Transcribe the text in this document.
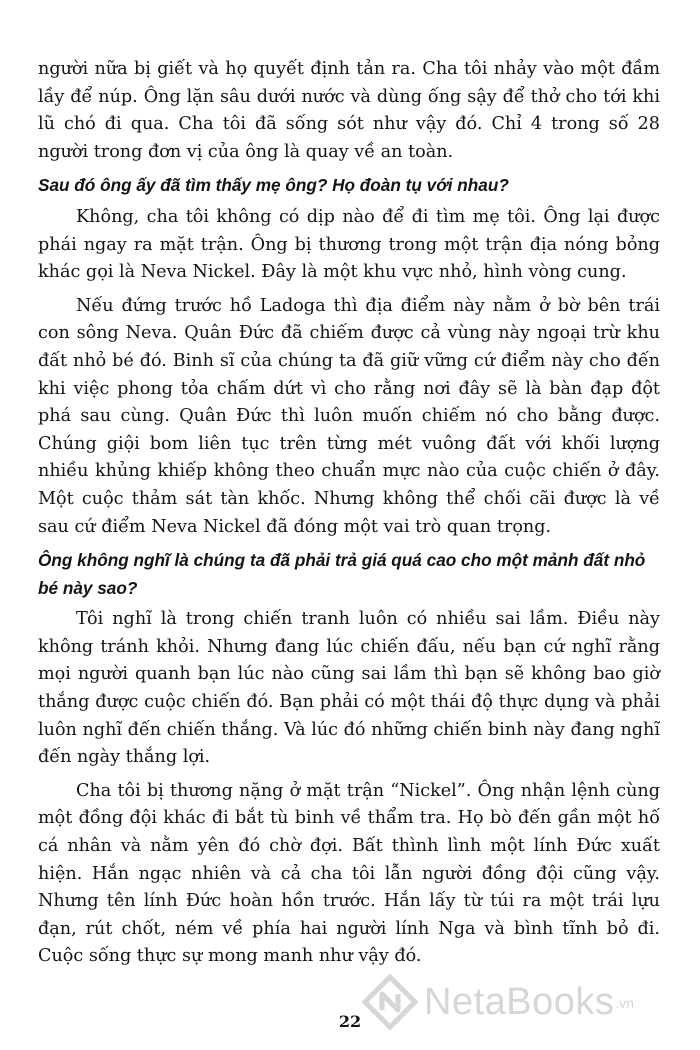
người nữa bị giết và họ quyết định tản ra. Cha tôi nhảy vào một đầm lầy để núp. Ông lặn sâu dưới nước và dùng ống sậy để thở cho tới khi lũ chó đi qua. Cha tôi đã sống sót như vậy đó. Chỉ 4 trong số 28 người trong đơn vị của ông là quay về an toàn.

Sau đó ông ấy đã tìm thấy mẹ ông? Họ đoàn tụ với nhau?

Không, cha tôi không có dịp nào để đi tìm mẹ tôi. Ông lại được phái ngay ra mặt trận. Ông bị thương trong một trận địa nóng bỏng khác gọi là Neva Nickel. Đây là một khu vực nhỏ, hình vòng cung.

Nếu đứng trước hồ Ladoga thì địa điểm này nằm ở bờ bên trái con sông Neva. Quân Đức đã chiếm được cả vùng này ngoại trừ khu đất nhỏ bé đó. Binh sĩ của chúng ta đã giữ vững cứ điểm này cho đến khi việc phong tỏa chấm dứt vì cho rằng nơi đây sẽ là bàn đạp đột phá sau cùng. Quân Đức thì luôn muốn chiếm nó cho bằng được. Chúng giội bom liên tục trên từng mét vuông đất với khối lượng nhiều khủng khiếp không theo chuẩn mực nào của cuộc chiến ở đây. Một cuộc thảm sát tàn khốc. Nhưng không thể chối cãi được là về sau cứ điểm Neva Nickel đã đóng một vai trò quan trọng.

Ông không nghĩ là chúng ta đã phải trả giá quá cao cho một mảnh đất nhỏ bé này sao?

Tôi nghĩ là trong chiến tranh luôn có nhiều sai lầm. Điều này không tránh khỏi. Nhưng đang lúc chiến đấu, nếu bạn cứ nghĩ rằng mọi người quanh bạn lúc nào cũng sai lầm thì bạn sẽ không bao giờ thắng được cuộc chiến đó. Bạn phải có một thái độ thực dụng và phải luôn nghĩ đến chiến thắng. Và lúc đó những chiến binh này đang nghĩ đến ngày thắng lợi.

Cha tôi bị thương nặng ở mặt trận “Nickel”. Ông nhận lệnh cùng một đồng đội khác đi bắt tù binh về thẩm tra. Họ bò đến gần một hố cá nhân và nằm yên đó chờ đợi. Bất thình lình một lính Đức xuất hiện. Hắn ngạc nhiên và cả cha tôi lẫn người đồng đội cũng vậy. Nhưng tên lính Đức hoàn hồn trước. Hắn lấy từ túi ra một trái lựu đạn, rút chốt, ném về phía hai người lính Nga và bình tĩnh bỏ đi. Cuộc sống thực sự mong manh như vậy đó.

22	NetaBooks .vn
